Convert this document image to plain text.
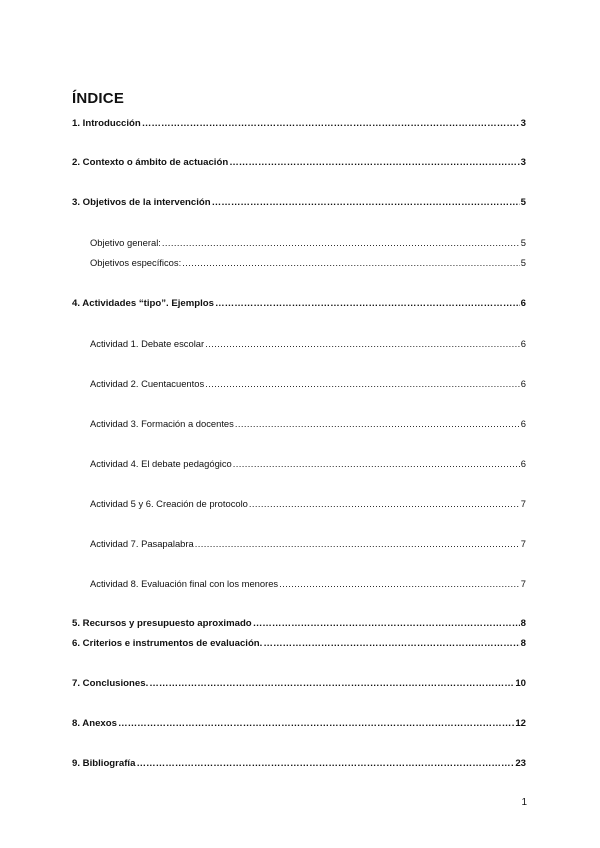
ÍNDICE
1. Introducción …………………………………………………………………………………………………………………………………………………………	3
2. Contexto o ámbito de actuación …………………………………………………………………………………………………………………………………………………………	3
3. Objetivos de la intervención …………………………………………………………………………………………………………………………………………………………	5
Objetivo general: .....	5
Objetivos específicos: .....	5
4. Actividades “tipo”. Ejemplos …………………………………………………………………………………………………………………………………………………………	6
Actividad 1. Debate escolar .....	6
Actividad 2. Cuentacuentos .....	6
Actividad 3. Formación a docentes .....	6
Actividad 4. El debate pedagógico .....	6
Actividad 5 y 6. Creación de protocolo .....	7
Actividad 7. Pasapalabra .....	7
Actividad 8. Evaluación final con los menores .....	7
5. Recursos y presupuesto aproximado …………………………………………………………………………………………………………………………………………………………	8
6. Criterios e instrumentos de evaluación. …………………………………………………………………………………………………………………………………………………………	8
7. Conclusiones. …………………………………………………………………………………………………………………………………………………………	10
8. Anexos …………………………………………………………………………………………………………………………………………………………	12
9. Bibliografía …………………………………………………………………………………………………………………………………………………………	23
1
